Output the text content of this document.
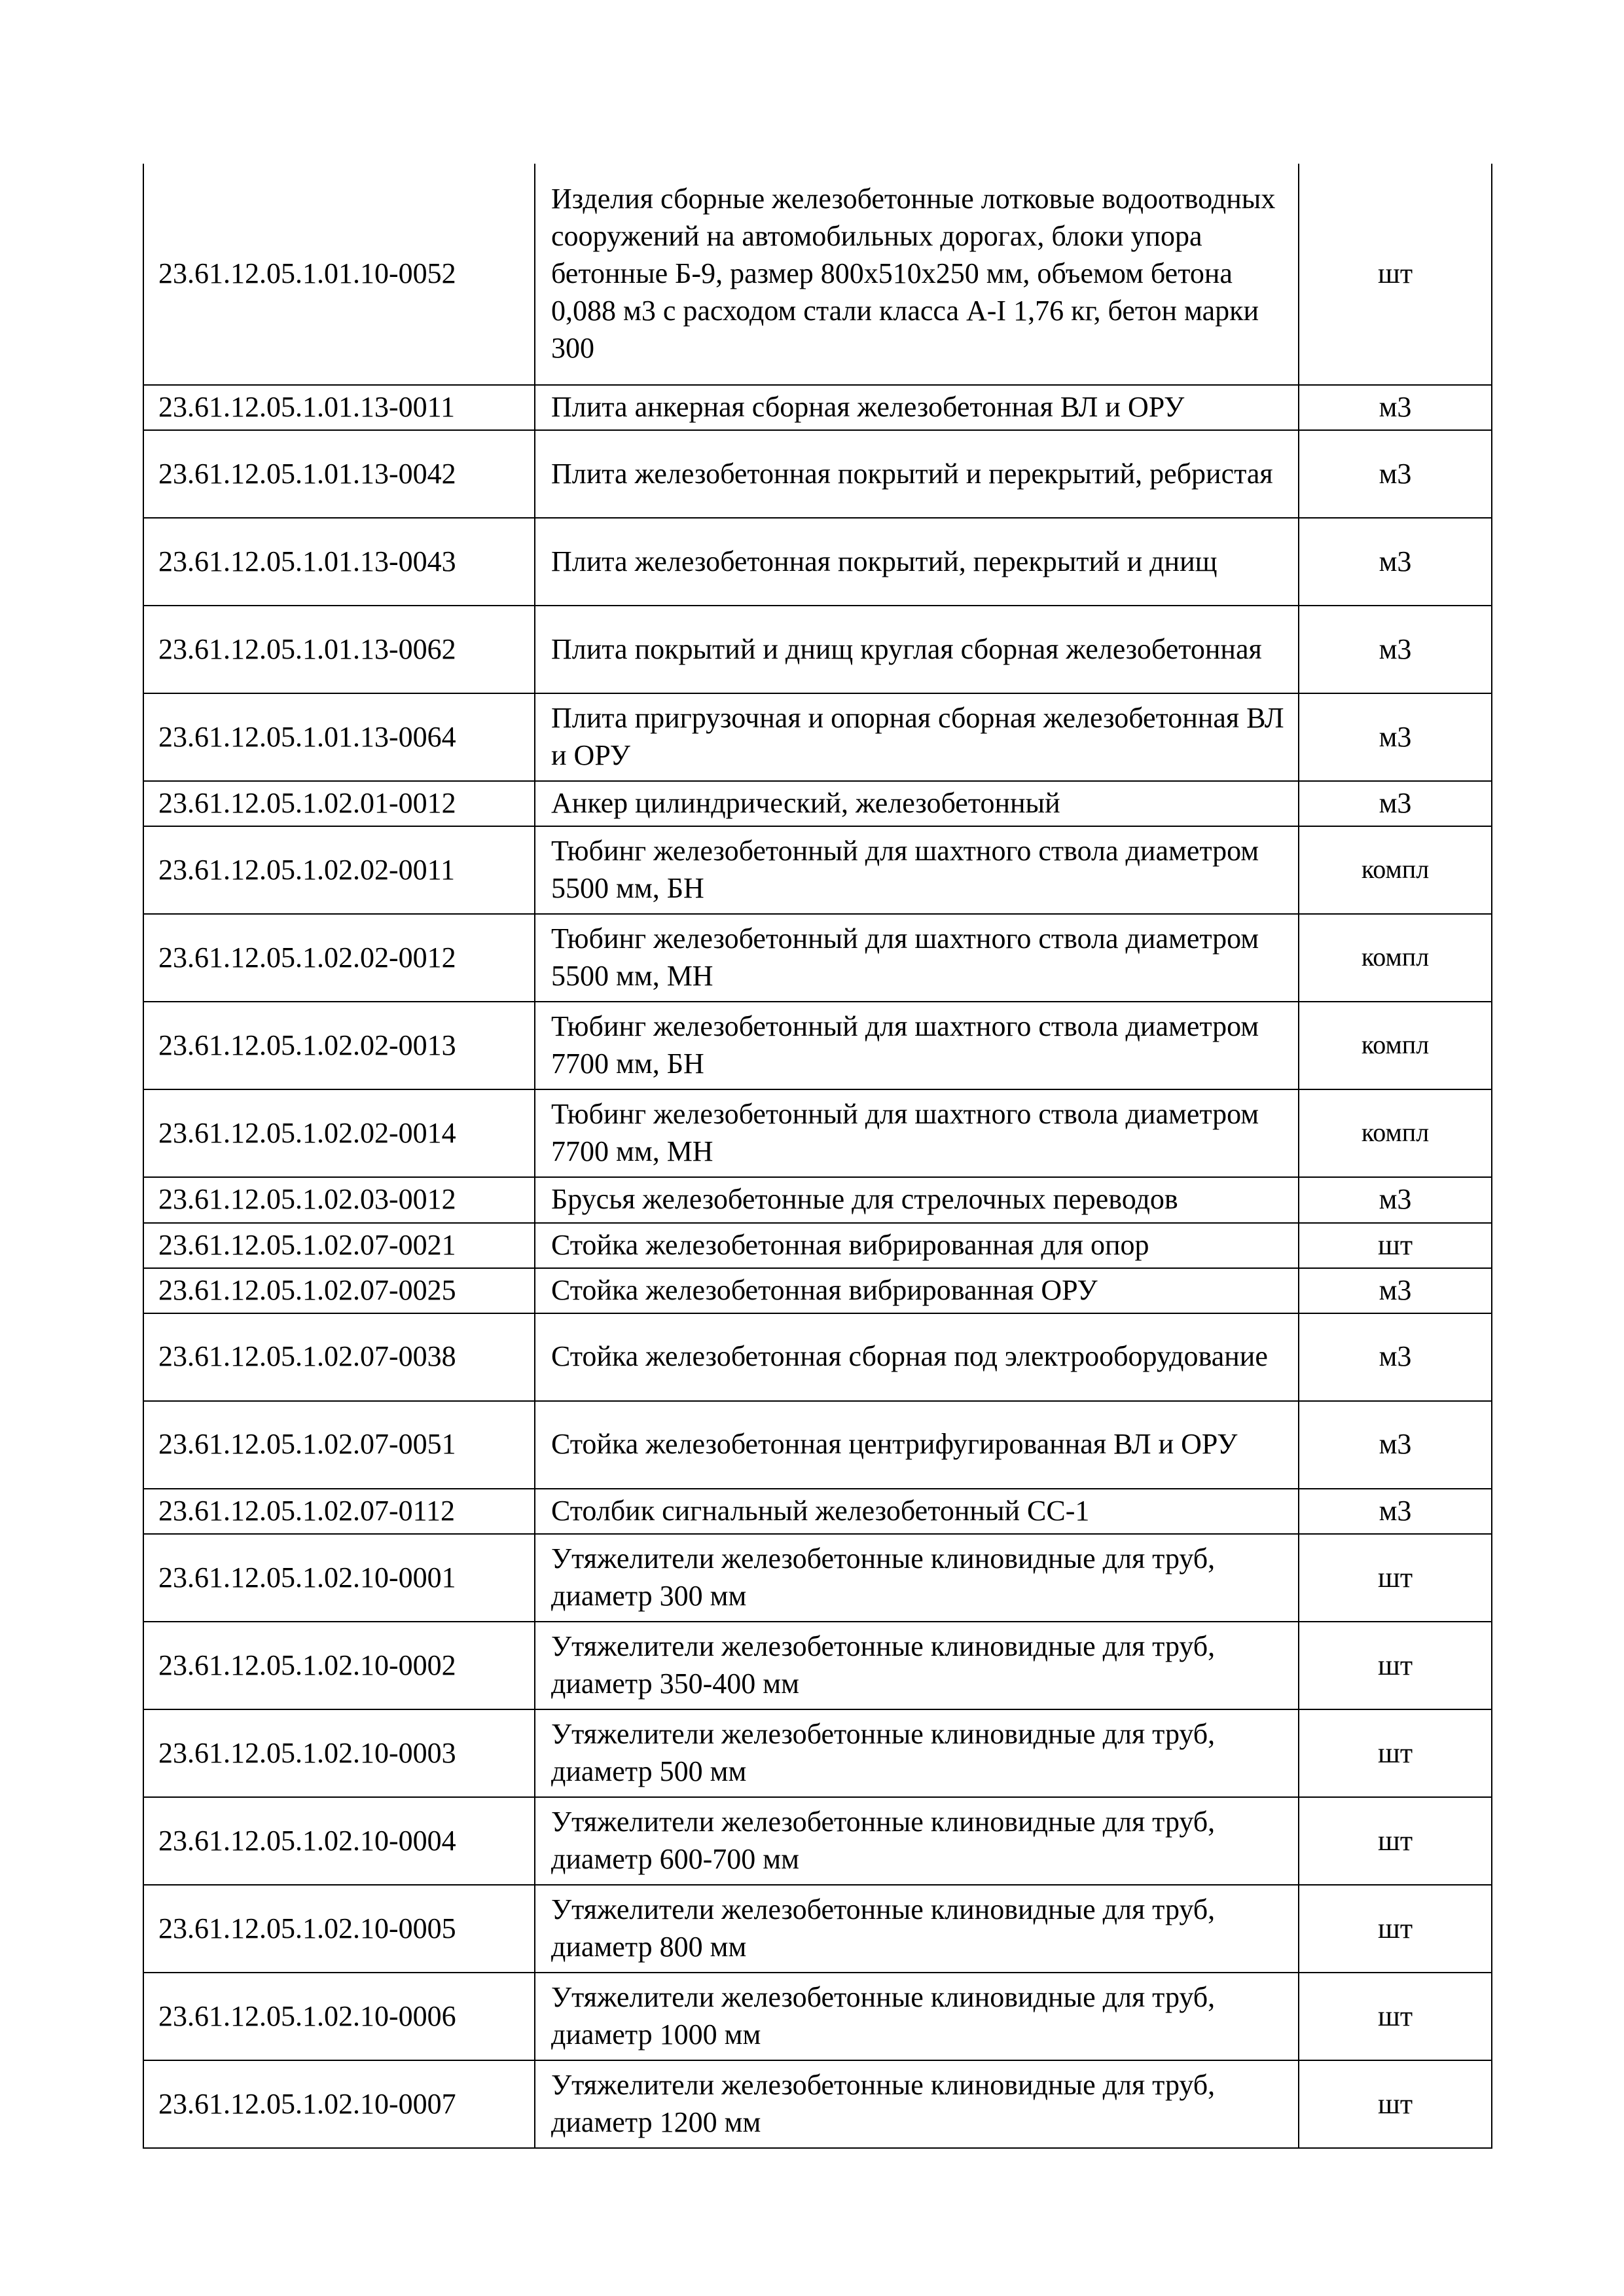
23.61.12.05.1.01.10-0052	Изделия сборные железобетонные лотковые водоотводных сооружений на автомобильных дорогах, блоки упора бетонные Б-9, размер 800x510x250 мм, объемом бетона 0,088 м3 с расходом стали класса А-I 1,76 кг, бетон марки 300	шт
23.61.12.05.1.01.13-0011	Плита анкерная сборная железобетонная ВЛ и ОРУ	м3
23.61.12.05.1.01.13-0042	Плита железобетонная покрытий и перекрытий, ребристая	м3
23.61.12.05.1.01.13-0043	Плита железобетонная покрытий, перекрытий и днищ	м3
23.61.12.05.1.01.13-0062	Плита покрытий и днищ круглая сборная железобетонная	м3
23.61.12.05.1.01.13-0064	Плита пригрузочная и опорная сборная железобетонная ВЛ и ОРУ	м3
23.61.12.05.1.02.01-0012	Анкер цилиндрический, железобетонный	м3
23.61.12.05.1.02.02-0011	Тюбинг железобетонный для шахтного ствола диаметром 5500 мм, БН	компл
23.61.12.05.1.02.02-0012	Тюбинг железобетонный для шахтного ствола диаметром 5500 мм, МН	компл
23.61.12.05.1.02.02-0013	Тюбинг железобетонный для шахтного ствола диаметром 7700 мм, БН	компл
23.61.12.05.1.02.02-0014	Тюбинг железобетонный для шахтного ствола диаметром 7700 мм, МН	компл
23.61.12.05.1.02.03-0012	Брусья железобетонные для стрелочных переводов	м3
23.61.12.05.1.02.07-0021	Стойка железобетонная вибрированная для опор	шт
23.61.12.05.1.02.07-0025	Стойка железобетонная вибрированная ОРУ	м3
23.61.12.05.1.02.07-0038	Стойка железобетонная сборная под электрооборудование	м3
23.61.12.05.1.02.07-0051	Стойка железобетонная центрифугированная ВЛ и ОРУ	м3
23.61.12.05.1.02.07-0112	Столбик сигнальный железобетонный СС-1	м3
23.61.12.05.1.02.10-0001	Утяжелители железобетонные клиновидные для труб, диаметр 300 мм	шт
23.61.12.05.1.02.10-0002	Утяжелители железобетонные клиновидные для труб, диаметр 350-400 мм	шт
23.61.12.05.1.02.10-0003	Утяжелители железобетонные клиновидные для труб, диаметр 500 мм	шт
23.61.12.05.1.02.10-0004	Утяжелители железобетонные клиновидные для труб, диаметр 600-700 мм	шт
23.61.12.05.1.02.10-0005	Утяжелители железобетонные клиновидные для труб, диаметр 800 мм	шт
23.61.12.05.1.02.10-0006	Утяжелители железобетонные клиновидные для труб, диаметр 1000 мм	шт
23.61.12.05.1.02.10-0007	Утяжелители железобетонные клиновидные для труб, диаметр 1200 мм	шт
